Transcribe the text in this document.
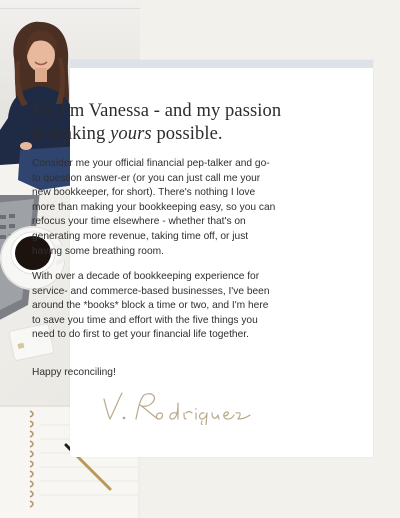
Hi, I'm Vanessa - and my passion
is making yours possible.

Consider me your official financial pep-talker and go-to question answer-er (or you can just call me your new bookkeeper, for short). There's nothing I love more than making your bookkeeping easy, so you can refocus your time elsewhere - whether that's on generating more revenue, taking time off, or just having some breathing room.

With over a decade of bookkeeping experience for service- and commerce-based businesses, I've been around the *books* block a time or two, and I'm here to save you time and effort with the five things you need to do first to get your financial life together.

Happy reconciling!
